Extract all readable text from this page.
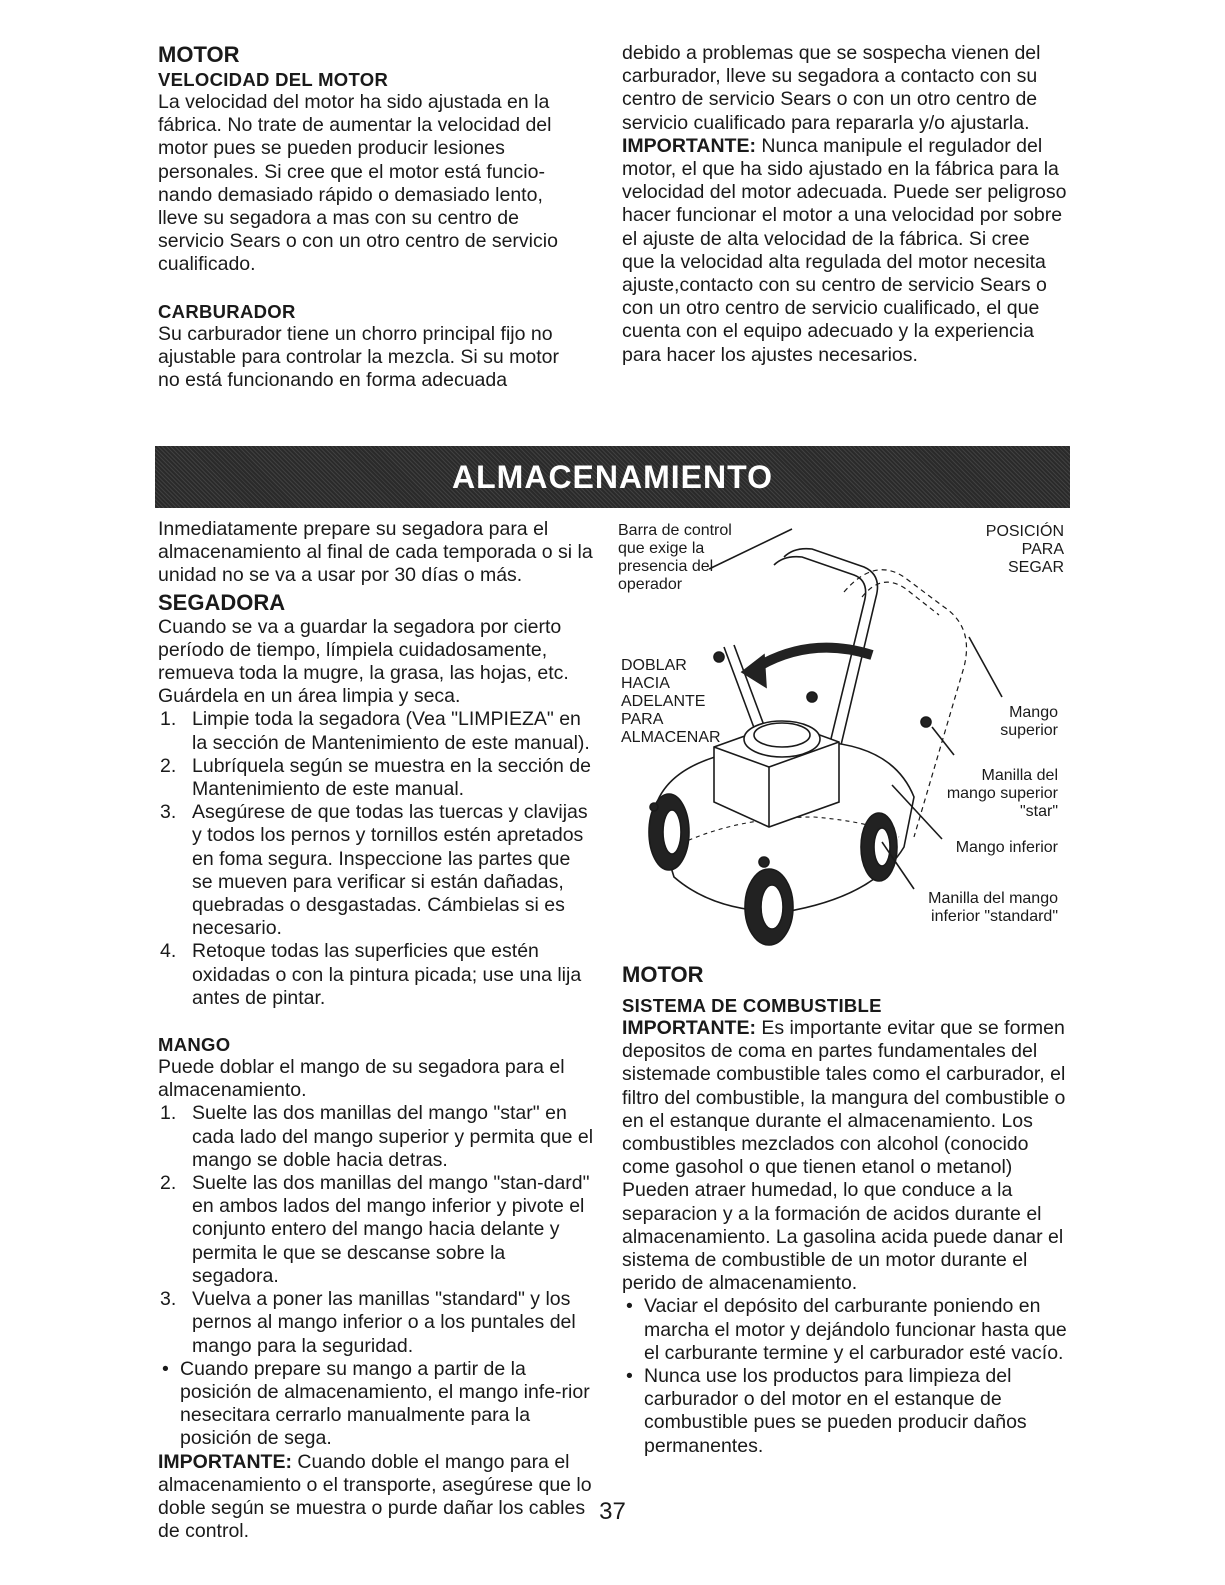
MOTOR
VELOCIDAD DEL MOTOR

La velocidad del motor ha sido ajustada en la fábrica. No trate de aumentar la velocidad del motor pues se pueden producir lesiones personales. Si cree que el motor está funcio-nando demasiado rápido o demasiado lento, lleve su segadora a mas con su centro de servicio Sears o con un otro centro de servicio cualificado.

CARBURADOR

Su carburador tiene un chorro principal fijo no ajustable para controlar la mezcla. Si su motor no está funcionando en forma adecuada

debido a problemas que se sospecha vienen del carburador, lleve su segadora a contacto con su centro de servicio Sears o con un otro centro de servicio cualificado para repararla y/o ajustarla.

IMPORTANTE: Nunca manipule el regulador del motor, el que ha sido ajustado en la fábrica para la velocidad del motor adecuada. Puede ser peligroso hacer funcionar el motor a una velocidad por sobre el ajuste de alta velocidad de la fábrica. Si cree que la velocidad alta regulada del motor necesita ajuste,contacto con su centro de servicio Sears o con un otro centro de servicio cualificado, el que cuenta con el equipo adecuado y la experiencia para hacer los ajustes necesarios.

ALMACENAMIENTO

Inmediatamente prepare su segadora para el almacenamiento al final de cada temporada o si la unidad no se va a usar por 30 días o más.

SEGADORA

Cuando se va a guardar la segadora por cierto período de tiempo, límpiela cuidadosamente, remueva toda la mugre, la grasa, las hojas, etc. Guárdela en un área limpia y seca.

1. Limpie toda la segadora (Vea "LIMPIEZA" en la sección de Mantenimiento de este manual).
2. Lubríquela según se muestra en la sección de Mantenimiento de este manual.
3. Asegúrese de que todas las tuercas y clavijas y todos los pernos y tornillos estén apretados en foma segura. Inspeccione las partes que se mueven para verificar si están dañadas, quebradas o desgastadas. Cámbielas si es necesario.
4. Retoque todas las superficies que estén oxidadas o con la pintura picada; use una lija antes de pintar.
MANGO

Puede doblar el mango de su segadora para el almacenamiento.

1. Suelte las dos manillas del mango "star" en cada lado del mango superior y permita que el mango se doble hacia detras.
2. Suelte las dos manillas del mango "stan-dard" en ambos lados del mango inferior y pivote el conjunto entero del mango hacia delante y permita le que se descanse sobre la segadora.
3. Vuelva a poner las manillas "standard" y los pernos al mango inferior o a los puntales del mango para la seguridad.
• Cuando prepare su mango a partir de la posición de almacenamiento, el mango infe-rior nesecitara cerrarlo manualmente para la posición de sega.

IMPORTANTE: Cuando doble el mango para el almacenamiento o el transporte, asegúrese que lo doble según se muestra o purde dañar los cables de control.

Barra de control
que exige la
presencia del
operador
POSICIÓN
PARA
SEGAR
DOBLAR
HACIA
ADELANTE
PARA
ALMACENAR
Mango
superior
Manilla del
mango superior
"star"
Mango inferior
Manilla del mango
inferior "standard"
MOTOR
SISTEMA DE COMBUSTIBLE

IMPORTANTE: Es importante evitar que se formen depositos de coma en partes fundamentales del sistemade combustible tales como el carburador, el filtro del combustible, la mangura del combustible o en el estanque durante el almacenamiento. Los combustibles mezclados con alcohol (conocido come gasohol o que tienen etanol o metanol) Pueden atraer humedad, lo que conduce a la separacion y a la formación de acidos durante el almacenamiento. La gasolina acida puede danar el sistema de combustible de un motor durante el perido de almacenamiento.

• Vaciar el depósito del carburante poniendo en marcha el motor y dejándolo funcionar hasta que el carburante termine y el carburador esté vacío.
• Nunca use los productos para limpieza del carburador o del motor en el estanque de combustible pues se pueden producir daños permanentes.
37
